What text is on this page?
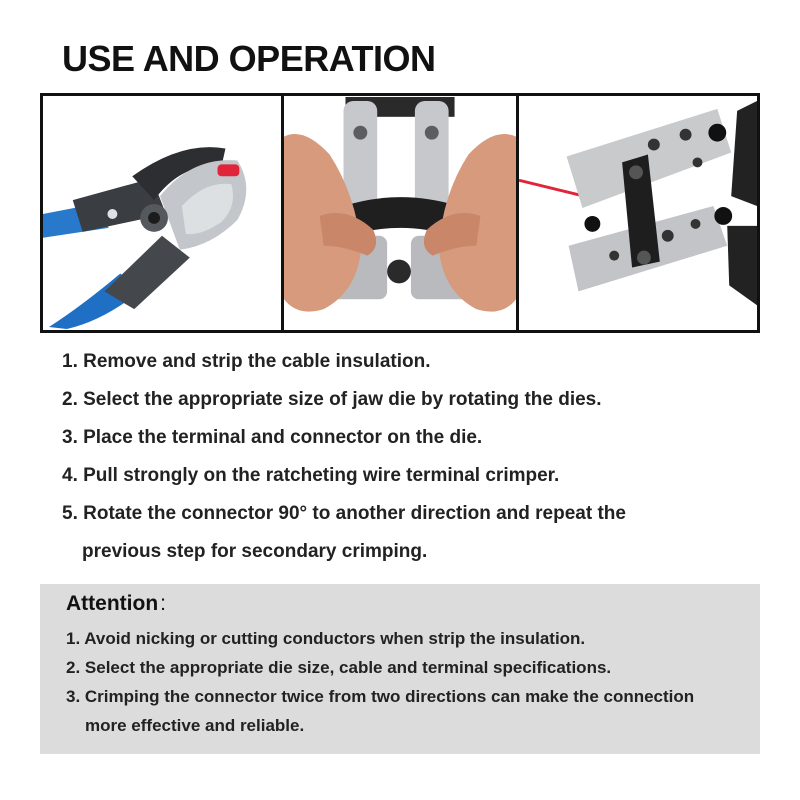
USE AND OPERATION
1. Remove and strip the cable insulation.
2. Select the appropriate size of jaw die by rotating the dies.
3. Place the terminal and connector on the die.
4. Pull strongly on the ratcheting wire terminal crimper.
5. Rotate the connector 90° to another direction and repeat the
previous step for secondary crimping.
Attention:
1. Avoid nicking or cutting conductors when strip the insulation.
2. Select the appropriate die size, cable and terminal specifications.
3. Crimping the connector twice from two directions can make the connection
more effective and reliable.
